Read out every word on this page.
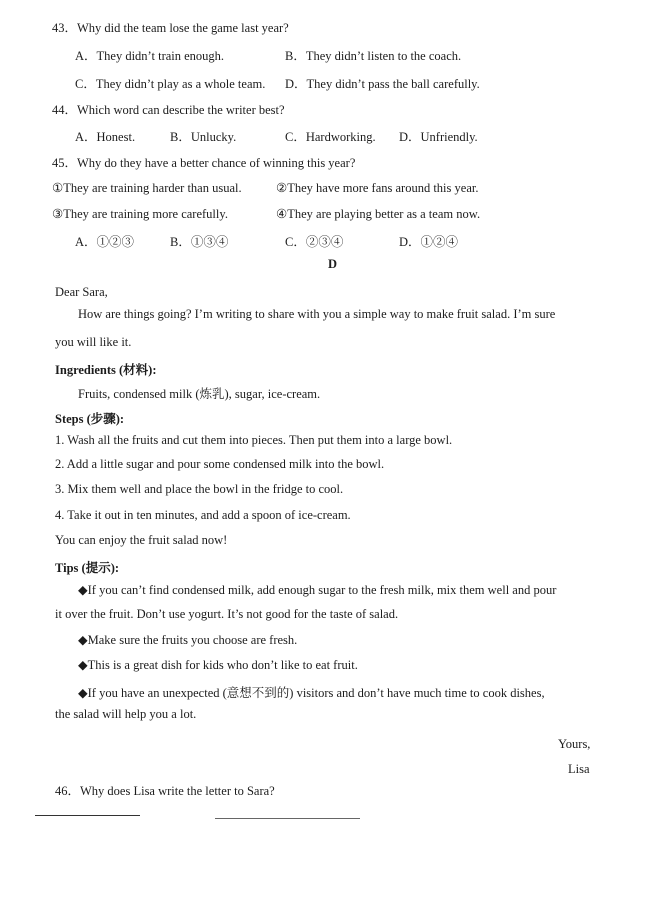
43．Why did the team lose the game last year?
A．They didn’t train enough.	B．They didn’t listen to the coach.
C．They didn’t play as a whole team. D．They didn’t pass the ball carefully.
44．Which word can describe the writer best?
A．Honest.	B．Unlucky.	C．Hardworking. D．Unfriendly.
45．Why do they have a better chance of winning this year?
①They are training harder than usual.	②They have more fans around this year.
③They are training more carefully.	④They are playing better as a team now.
A．①②③	B．①③④	C．②③④	D．①②④
D
Dear Sara,
How are things going? I’m writing to share with you a simple way to make fruit salad. I’m sure
you will like it.
Ingredients (材料):
Fruits, condensed milk (炼乳), sugar, ice-cream.
Steps (步骤):
1. Wash all the fruits and cut them into pieces. Then put them into a large bowl.
2. Add a little sugar and pour some condensed milk into the bowl.
3. Mix them well and place the bowl in the fridge to cool.
4. Take it out in ten minutes, and add a spoon of ice-cream.
You can enjoy the fruit salad now!
Tips (提示):
◆If you can’t find condensed milk, add enough sugar to the fresh milk, mix them well and pour
it over the fruit. Don’t use yogurt. It’s not good for the taste of salad.
◆Make sure the fruits you choose are fresh.
◆This is a great dish for kids who don’t like to eat fruit.
◆If you have an unexpected (意想不到的) visitors and don’t have much time to cook dishes,
the salad will help you a lot.
Yours,
Lisa
46．Why does Lisa write the letter to Sara?
